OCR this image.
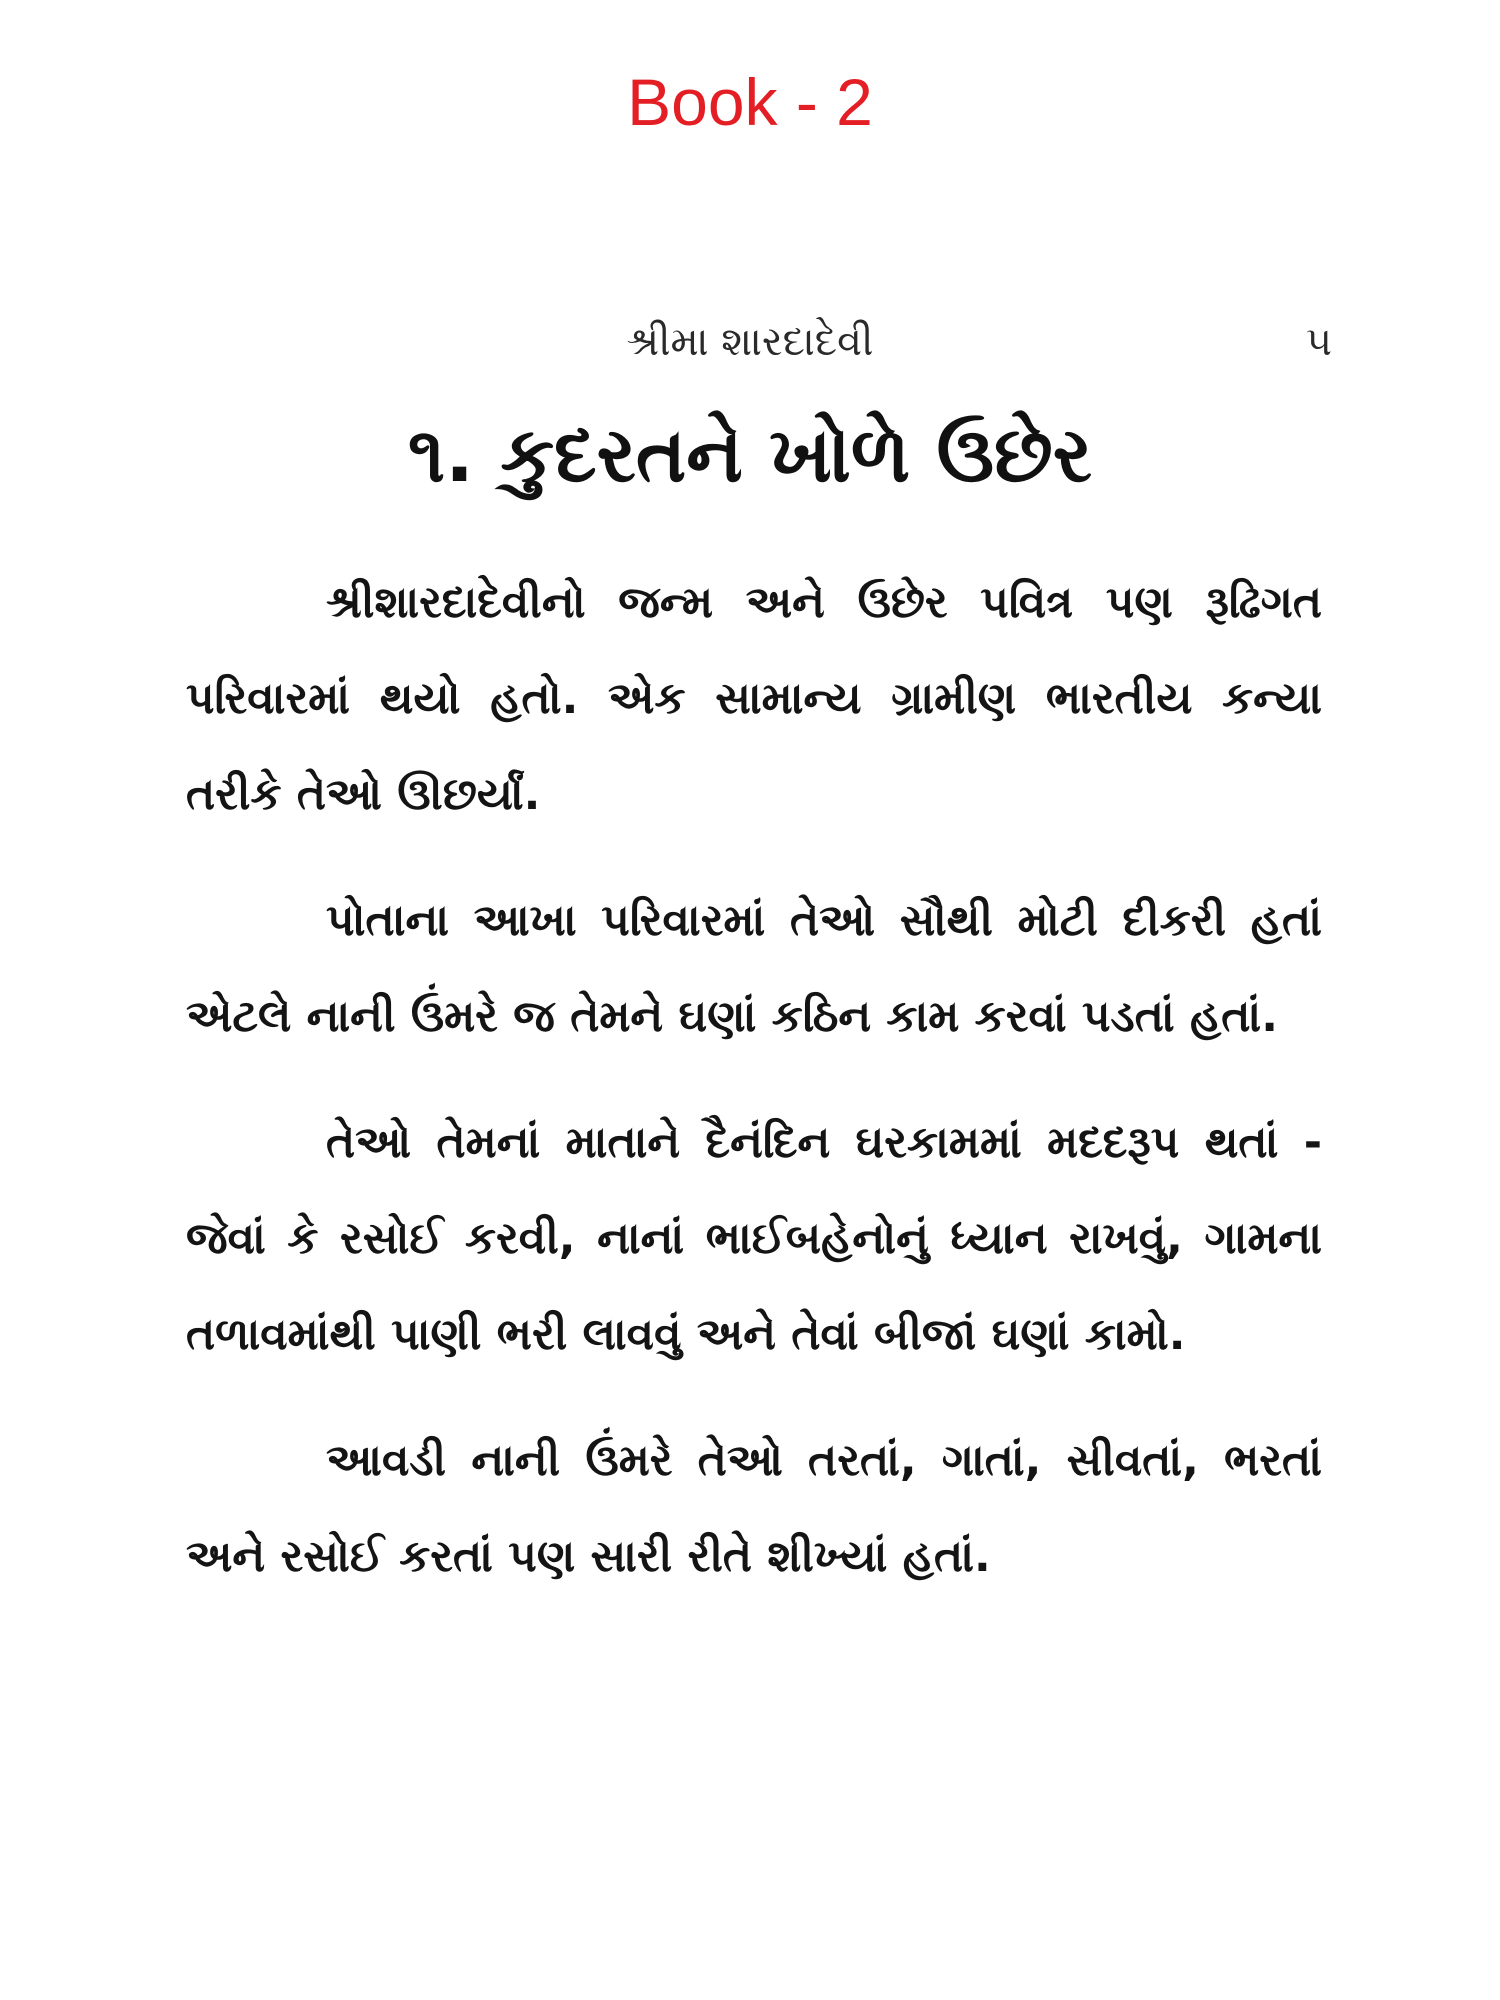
Book - 2
શ્રીમા શારદાદેવી	૫
૧. કુદરતને ખોળે ઉછેર

શ્રીશારદાદેવીનો જન્મ અને ઉછેર પવિત્ર પણ રૂઢિગત પરિવારમાં થયો હતો. એક સામાન્ય ગ્રામીણ ભારતીય કન્યા તરીકે તેઓ ઊછર્યાં.

પોતાના આખા પરિવારમાં તેઓ સૌથી મોટી દીકરી હતાં એટલે નાની ઉંમરે જ તેમને ઘણાં કઠિન કામ કરવાં પડતાં હતાં.

તેઓ તેમનાં માતાને દૈનંદિન ઘરકામમાં મદદરૂપ થતાં - જેવાં કે રસોઈ કરવી, નાનાં ભાઈબહેનોનું ધ્યાન રાખવું, ગામના તળાવમાંથી પાણી ભરી લાવવું અને તેવાં બીજાં ઘણાં કામો.

આવડી નાની ઉંમરે તેઓ તરતાં, ગાતાં, સીવતાં, ભરતાં અને રસોઈ કરતાં પણ સારી રીતે શીખ્યાં હતાં.
